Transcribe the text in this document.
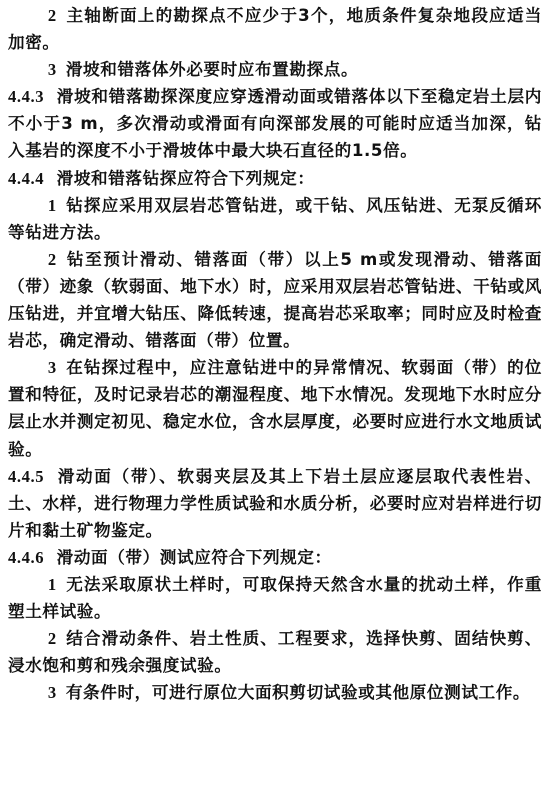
2 主轴断面上的勘探点不应少于3个，地质条件复杂地段应适当加密。

3 滑坡和错落体外必要时应布置勘探点。

4.4.3 滑坡和错落勘探深度应穿透滑动面或错落体以下至稳定岩土层内不小于3 m，多次滑动或滑面有向深部发展的可能时应适当加深，钻入基岩的深度不小于滑坡体中最大块石直径的1.5倍。

4.4.4 滑坡和错落钻探应符合下列规定：

1 钻探应采用双层岩芯管钻进，或干钻、风压钻进、无泵反循环等钻进方法。

2 钻至预计滑动、错落面（带）以上5 m或发现滑动、错落面（带）迹象（软弱面、地下水）时，应采用双层岩芯管钻进、干钻或风压钻进，并宜增大钻压、降低转速，提高岩芯采取率；同时应及时检查岩芯，确定滑动、错落面（带）位置。

3 在钻探过程中，应注意钻进中的异常情况、软弱面（带）的位置和特征，及时记录岩芯的潮湿程度、地下水情况。发现地下水时应分层止水并测定初见、稳定水位，含水层厚度，必要时应进行水文地质试验。

4.4.5 滑动面（带）、软弱夹层及其上下岩土层应逐层取代表性岩、土、水样，进行物理力学性质试验和水质分析，必要时应对岩样进行切片和黏土矿物鉴定。

4.4.6 滑动面（带）测试应符合下列规定：

1 无法采取原状土样时，可取保持天然含水量的扰动土样，作重塑土样试验。

2 结合滑动条件、岩土性质、工程要求，选择快剪、固结快剪、浸水饱和剪和残余强度试验。

3 有条件时，可进行原位大面积剪切试验或其他原位测试工作。
